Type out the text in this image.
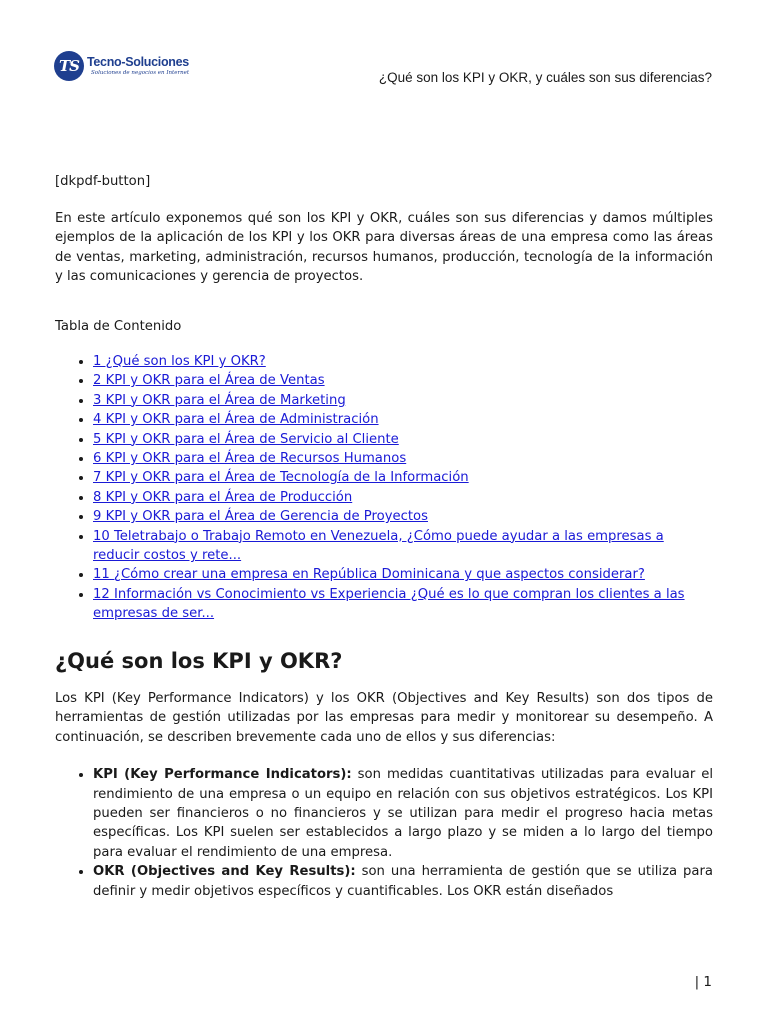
TS Tecno-Soluciones
Soluciones de negocios en Internet	¿Qué son los KPI y OKR, y cuáles son sus diferencias?

[dkpdf-button]

En este artículo exponemos qué son los KPI y OKR, cuáles son sus diferencias y damos múltiples ejemplos de la aplicación de los KPI y los OKR para diversas áreas de una empresa como las áreas de ventas, marketing, administración, recursos humanos, producción, tecnología de la información y las comunicaciones y gerencia de proyectos.

Tabla de Contenido

• 1 ¿Qué son los KPI y OKR?
• 2 KPI y OKR para el Área de Ventas
• 3 KPI y OKR para el Área de Marketing
• 4 KPI y OKR para el Área de Administración
• 5 KPI y OKR para el Área de Servicio al Cliente
• 6 KPI y OKR para el Área de Recursos Humanos
• 7 KPI y OKR para el Área de Tecnología de la Información
• 8 KPI y OKR para el Área de Producción
• 9 KPI y OKR para el Área de Gerencia de Proyectos
• 10 Teletrabajo o Trabajo Remoto en Venezuela, ¿Cómo puede ayudar a las empresas a reducir costos y rete...
• 11 ¿Cómo crear una empresa en República Dominicana y que aspectos considerar?
• 12 Información vs Conocimiento vs Experiencia ¿Qué es lo que compran los clientes a las empresas de ser...
¿Qué son los KPI y OKR?

Los KPI (Key Performance Indicators) y los OKR (Objectives and Key Results) son dos tipos de herramientas de gestión utilizadas por las empresas para medir y monitorear su desempeño. A continuación, se describen brevemente cada uno de ellos y sus diferencias:

• KPI (Key Performance Indicators): son medidas cuantitativas utilizadas para evaluar el rendimiento de una empresa o un equipo en relación con sus objetivos estratégicos. Los KPI pueden ser financieros o no financieros y se utilizan para medir el progreso hacia metas específicas. Los KPI suelen ser establecidos a largo plazo y se miden a lo largo del tiempo para evaluar el rendimiento de una empresa.
• OKR (Objectives and Key Results): son una herramienta de gestión que se utiliza para definir y medir objetivos específicos y cuantificables. Los OKR están diseñados
| 1
